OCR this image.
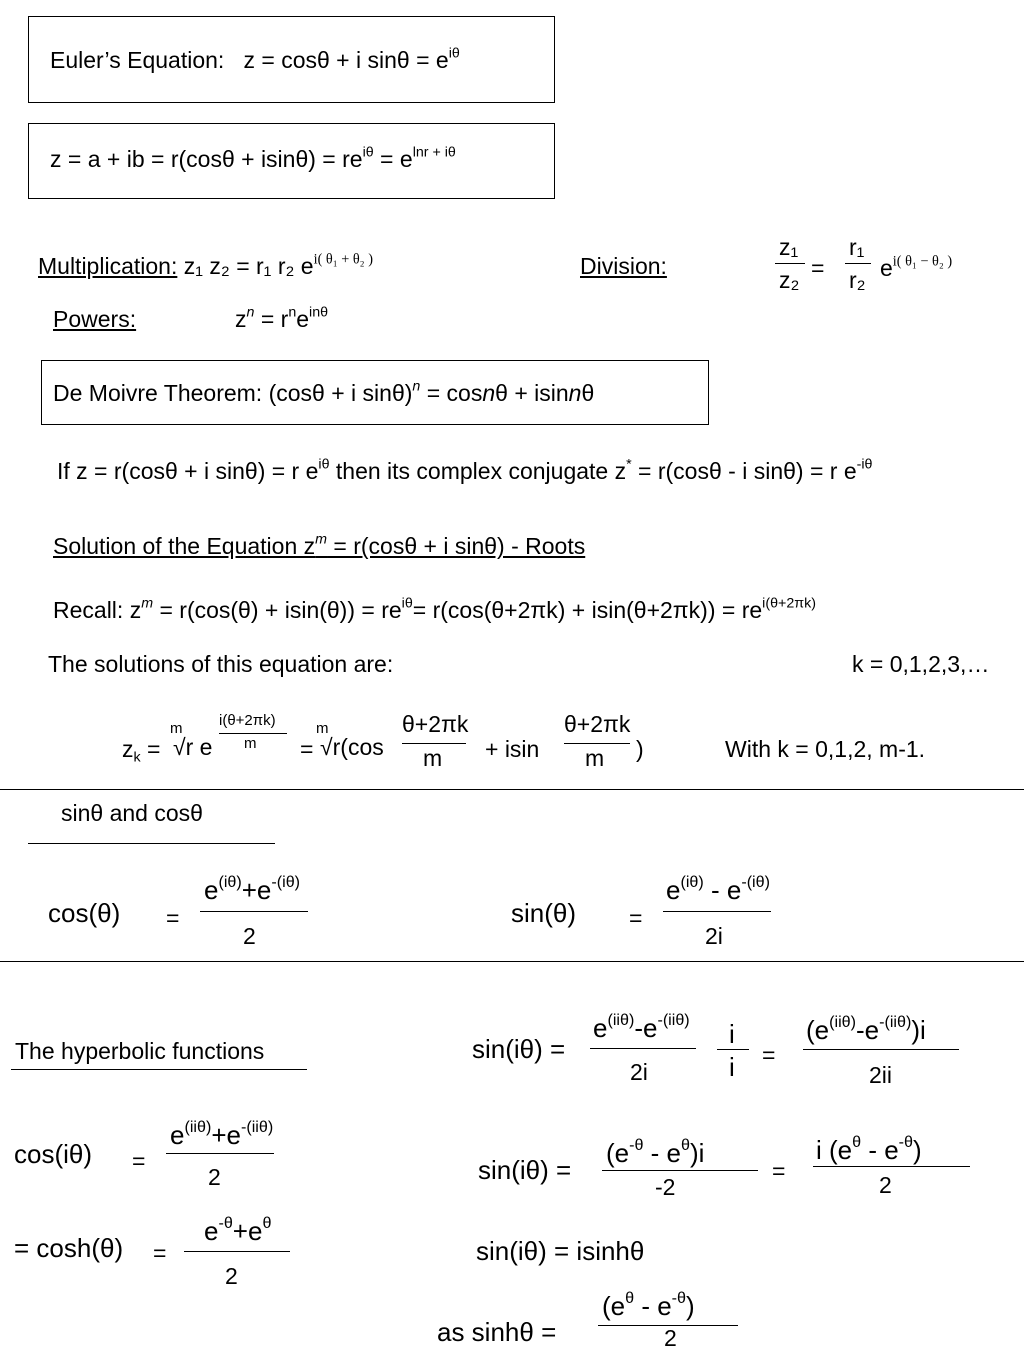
Euler’s Equation: z = cosθ + i $\sin\theta = e^{i\theta}$
z = a + ib = $r(\cos\theta + isin\theta) = re^{i\theta} = e^{lnr + i\theta}$
Multiplication: z₁ z₂ = r₁ r₂ $e^{i( \theta_1 + \theta_2 )}$	Division:
z₁
z₂ =
r₁
r₂ $e^{i( \theta_1 - \theta_2 )}$
Powers:	$z^n = r^ne^{in\theta}$
De Moivre Theorem: (cosθ + i sinθ)$^n$ = cosnθ + isinnθ
If z = r(cosθ + i sinθ) = r $e^{i\theta}$ then its complex conjugate z* = r(cosθ - i sinθ) = r $e^{-i\theta}$
Solution of the Equation $z^m = r(\cos\theta + i$ sinθ) - Roots
Recall: $z^m = r(\cos(\theta) + isin(\theta)) = re^{i\theta}= r(\cos(\theta+2\pi k) + isin(\theta+2\pi k)) = re^{i(\theta+2\pi k)}$
The solutions of this equation are:	k = 0,1,2,3,…
$z_k$ =
m
√r e
i(θ+2πk)
m =
m
√r(cos
θ+2πk
m + isin
θ+2πk
m )	With k = 0,1,2, m-1.
sinθ and cosθ
cos(θ) =
$e^{(i\theta)}+e^{-(i\theta)}$
2
sin(θ) =
$e^{(i\theta)} - e^{-(i\theta)}$
2i
The hyperbolic functions
cos(iθ) =
$e^{(ii\theta)}+e^{-(ii\theta)}$
2
= cosh(θ) =
$e^{-\theta}+e^\theta$
2
sin(iθ) =
$e^{(ii\theta)}-e^{-(ii\theta)}$
2i
i
i =
$(e^{(ii\theta)}-e^{-(ii\theta)})i$
2ii
sin(iθ) =
$(e^{-\theta} - e^\theta)i$
-2
=
i $(e^\theta - e^{-\theta})$
2
sin(iθ) = isinhθ
as sinhθ =
$(e^\theta - e^{-\theta})$
2
